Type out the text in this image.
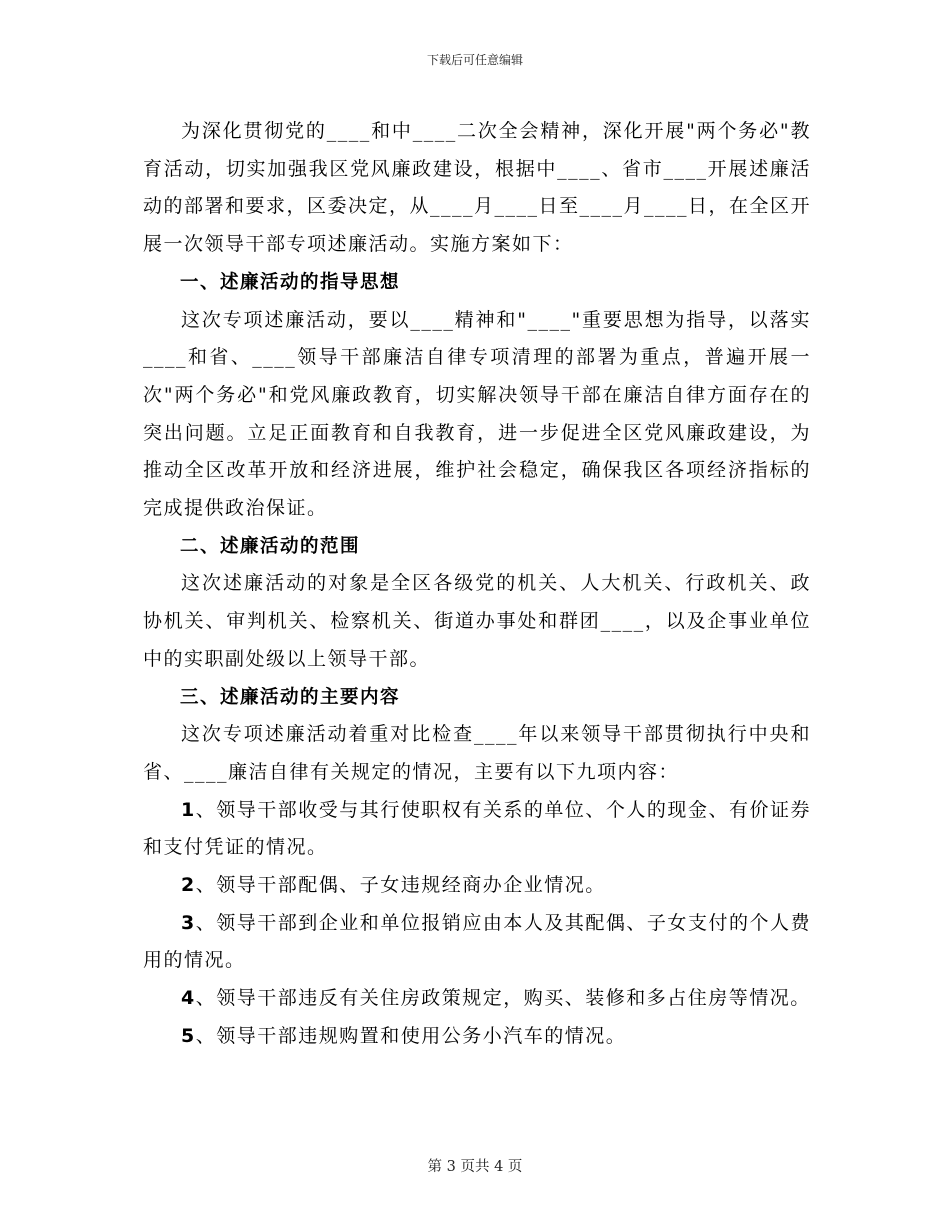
下载后可任意编辑

为深化贯彻党的____和中____二次全会精神，深化开展"两个务必"教育活动，切实加强我区党风廉政建设，根据中____、省市____开展述廉活动的部署和要求，区委决定，从____月____日至____月____日，在全区开展一次领导干部专项述廉活动。实施方案如下：

一、述廉活动的指导思想

这次专项述廉活动，要以____精神和"____"重要思想为指导，以落实____和省、____领导干部廉洁自律专项清理的部署为重点，普遍开展一次"两个务必"和党风廉政教育，切实解决领导干部在廉洁自律方面存在的突出问题。立足正面教育和自我教育，进一步促进全区党风廉政建设，为推动全区改革开放和经济进展，维护社会稳定，确保我区各项经济指标的完成提供政治保证。

二、述廉活动的范围

这次述廉活动的对象是全区各级党的机关、人大机关、行政机关、政协机关、审判机关、检察机关、街道办事处和群团____，以及企事业单位中的实职副处级以上领导干部。

三、述廉活动的主要内容

这次专项述廉活动着重对比检查____年以来领导干部贯彻执行中央和省、____廉洁自律有关规定的情况，主要有以下九项内容：

1、领导干部收受与其行使职权有关系的单位、个人的现金、有价证券和支付凭证的情况。

2、领导干部配偶、子女违规经商办企业情况。

3、领导干部到企业和单位报销应由本人及其配偶、子女支付的个人费用的情况。

4、领导干部违反有关住房政策规定，购买、装修和多占住房等情况。

5、领导干部违规购置和使用公务小汽车的情况。

第 3 页共 4 页
